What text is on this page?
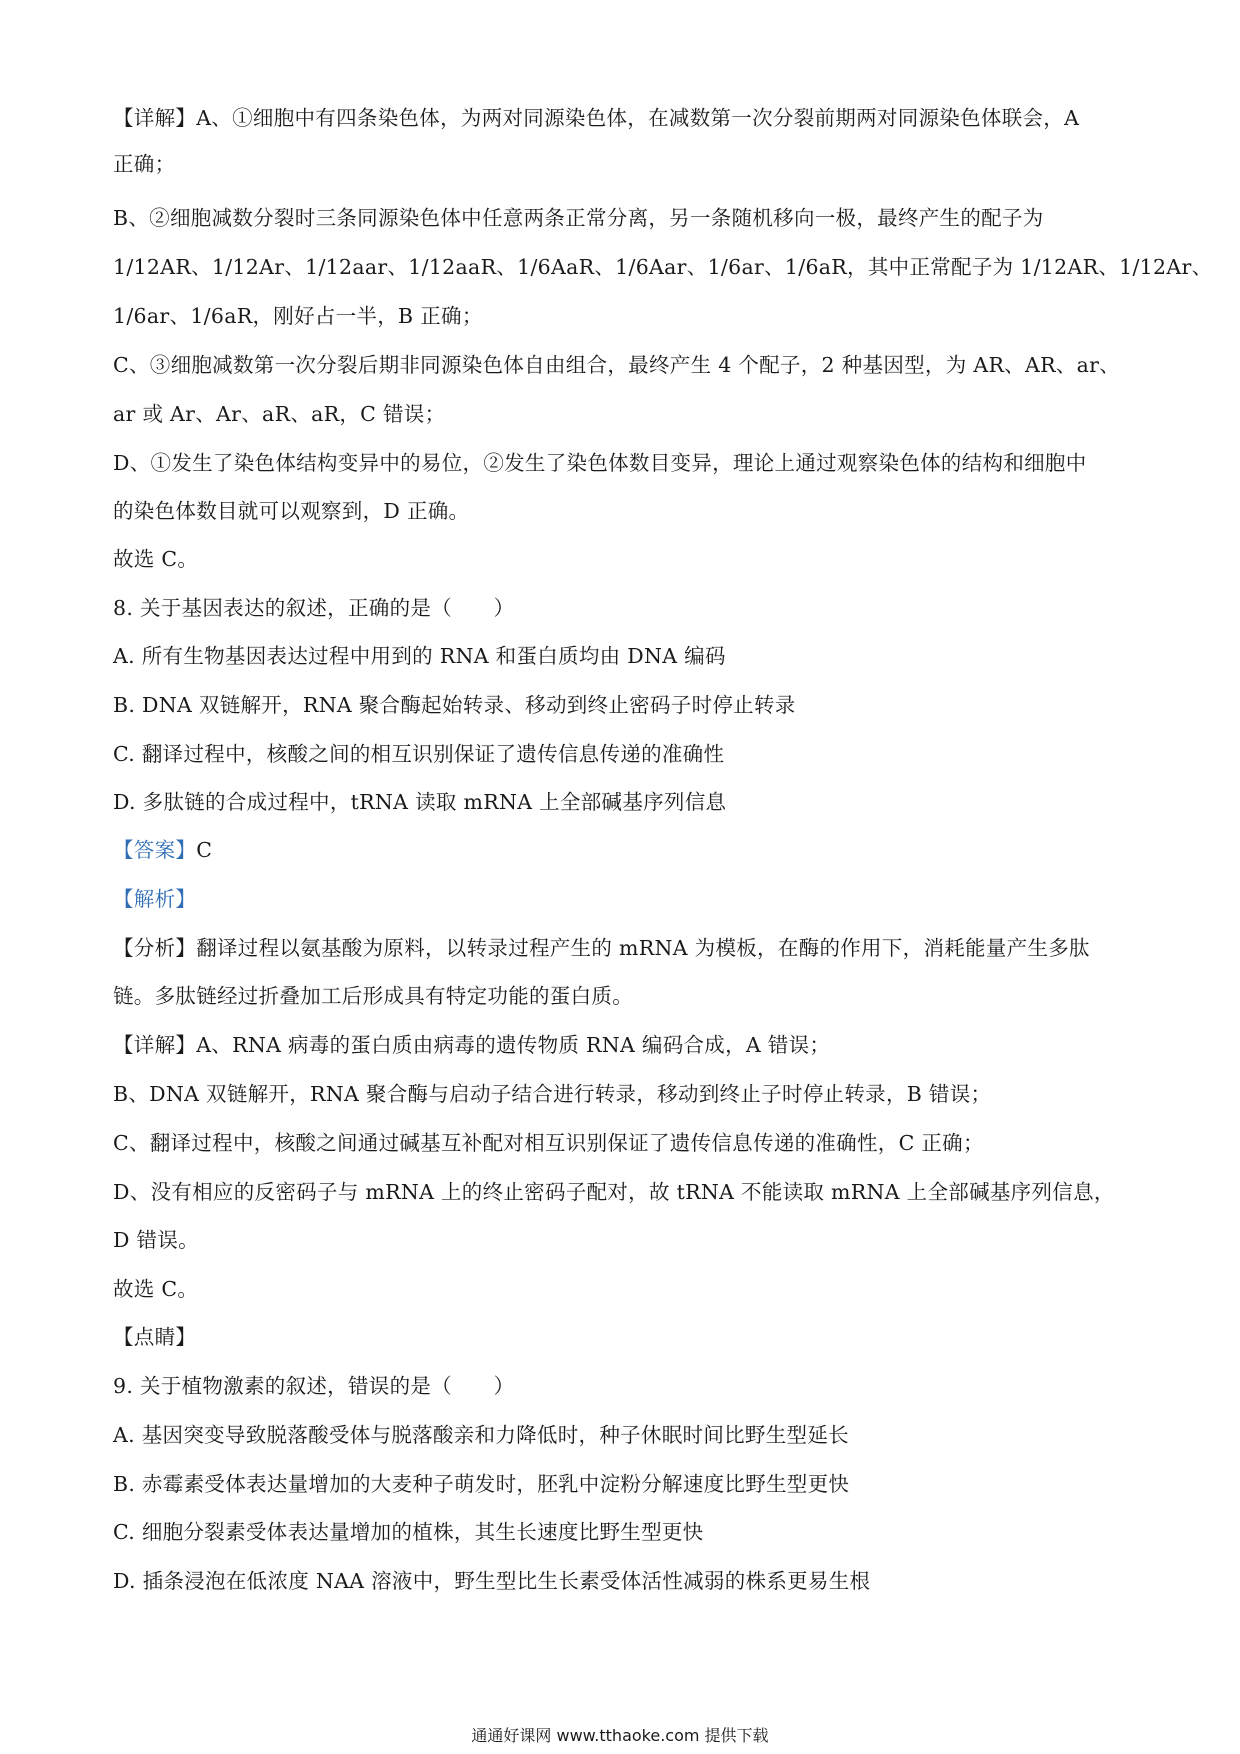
【详解】A、①细胞中有四条染色体，为两对同源染色体，在减数第一次分裂前期两对同源染色体联会，A
正确；
B、②细胞减数分裂时三条同源染色体中任意两条正常分离，另一条随机移向一极，最终产生的配子为
1/12AR、1/12Ar、1/12aar、1/12aaR、1/6AaR、1/6Aar、1/6ar、1/6aR，其中正常配子为 1/12AR、1/12Ar、
1/6ar、1/6aR，刚好占一半，B 正确；
C、③细胞减数第一次分裂后期非同源染色体自由组合，最终产生 4 个配子，2 种基因型，为 AR、AR、ar、
ar 或 Ar、Ar、aR、aR，C 错误；
D、①发生了染色体结构变异中的易位，②发生了染色体数目变异，理论上通过观察染色体的结构和细胞中
的染色体数目就可以观察到，D 正确。
故选 C。
8. 关于基因表达的叙述，正确的是（　　）
A. 所有生物基因表达过程中用到的 RNA 和蛋白质均由 DNA 编码
B. DNA 双链解开，RNA 聚合酶起始转录、移动到终止密码子时停止转录
C. 翻译过程中，核酸之间的相互识别保证了遗传信息传递的准确性
D. 多肽链的合成过程中，tRNA 读取 mRNA 上全部碱基序列信息
【答案】C
【解析】
【分析】翻译过程以氨基酸为原料，以转录过程产生的 mRNA 为模板，在酶的作用下，消耗能量产生多肽
链。多肽链经过折叠加工后形成具有特定功能的蛋白质。
【详解】A、RNA 病毒的蛋白质由病毒的遗传物质 RNA 编码合成，A 错误；
B、DNA 双链解开，RNA 聚合酶与启动子结合进行转录，移动到终止子时停止转录，B 错误；
C、翻译过程中，核酸之间通过碱基互补配对相互识别保证了遗传信息传递的准确性，C 正确；
D、没有相应的反密码子与 mRNA 上的终止密码子配对，故 tRNA 不能读取 mRNA 上全部碱基序列信息，
D 错误。
故选 C。
【点睛】
9. 关于植物激素的叙述，错误的是（　　）
A. 基因突变导致脱落酸受体与脱落酸亲和力降低时，种子休眠时间比野生型延长
B. 赤霉素受体表达量增加的大麦种子萌发时，胚乳中淀粉分解速度比野生型更快
C. 细胞分裂素受体表达量增加的植株，其生长速度比野生型更快
D. 插条浸泡在低浓度 NAA 溶液中，野生型比生长素受体活性减弱的株系更易生根
通通好课网 www.tthaoke.com 提供下载
